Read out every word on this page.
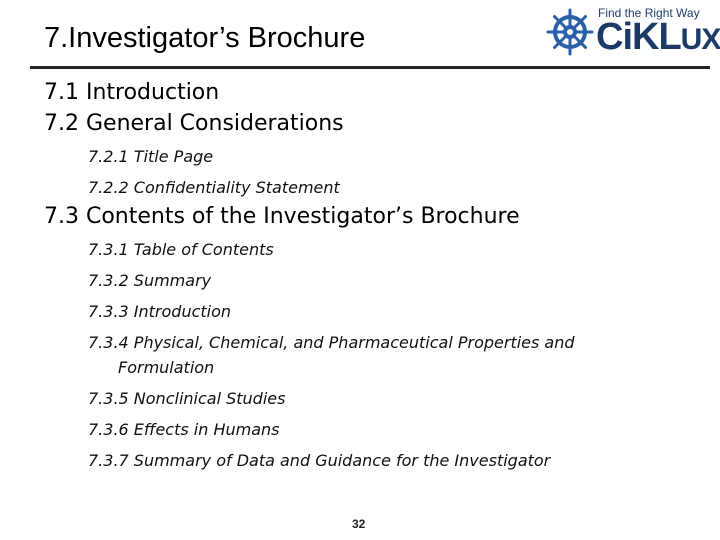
7.Investigator’s Brochure
Find the Right Way
CiKLUX
7.1 Introduction
7.2 General Considerations
7.2.1 Title Page
7.2.2 Confidentiality Statement
7.3 Contents of the Investigator’s Brochure
7.3.1 Table of Contents
7.3.2 Summary
7.3.3 Introduction
7.3.4 Physical, Chemical, and Pharmaceutical Properties and
Formulation
7.3.5 Nonclinical Studies
7.3.6 Effects in Humans
7.3.7 Summary of Data and Guidance for the Investigator
32
